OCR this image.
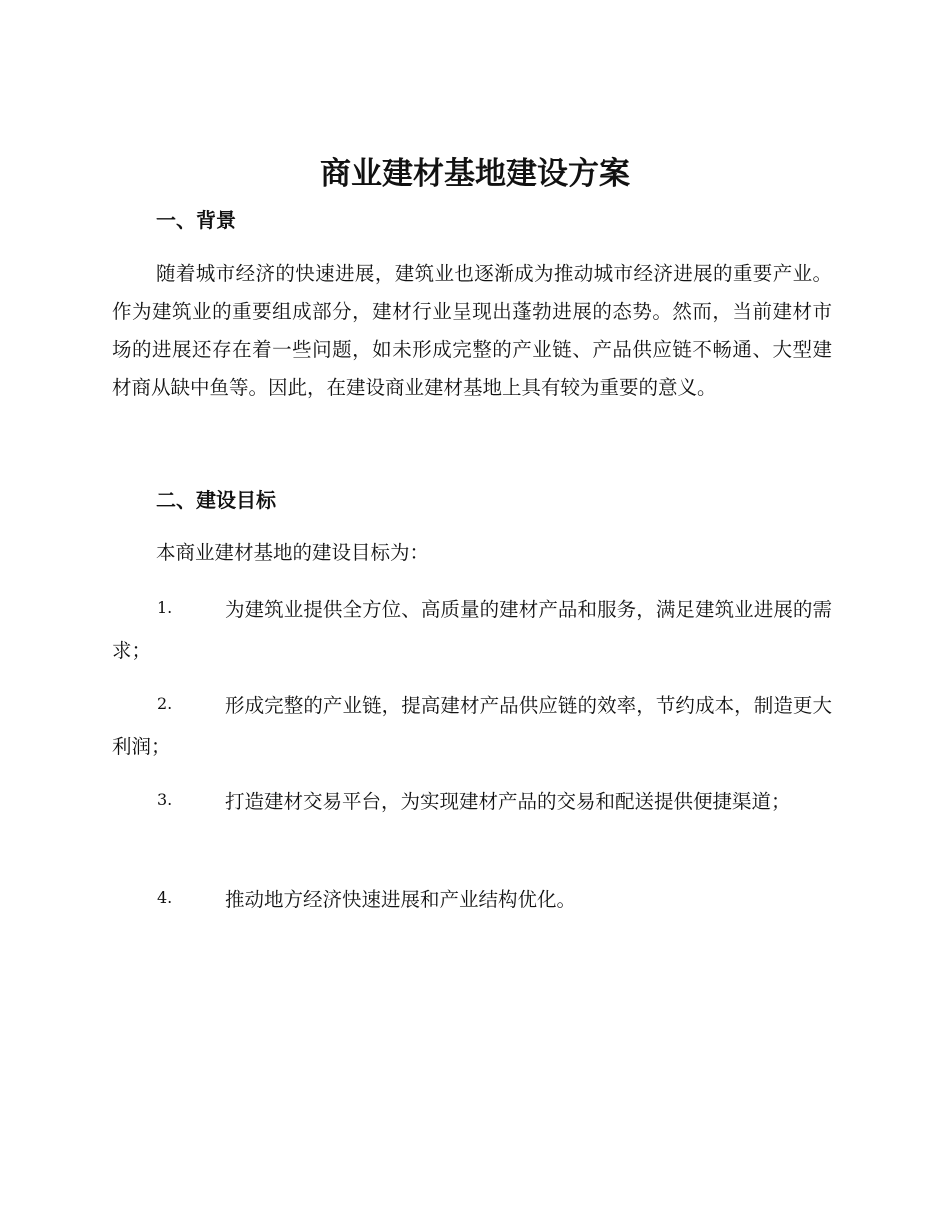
商业建材基地建设方案
一、背景

随着城市经济的快速进展，建筑业也逐渐成为推动城市经济进展的重要产业。作为建筑业的重要组成部分，建材行业呈现出蓬勃进展的态势。然而，当前建材市场的进展还存在着一些问题，如未形成完整的产业链、产品供应链不畅通、大型建材商从缺中鱼等。因此，在建设商业建材基地上具有较为重要的意义。

二、建设目标
本商业建材基地的建设目标为：
1.	为建筑业提供全方位、高质量的建材产品和服务，满足建筑业进展的需求；

2.	形成完整的产业链，提高建材产品供应链的效率，节约成本，制造更大利润；

3.	打造建材交易平台，为实现建材产品的交易和配送提供便捷渠道；

4.	推动地方经济快速进展和产业结构优化。
